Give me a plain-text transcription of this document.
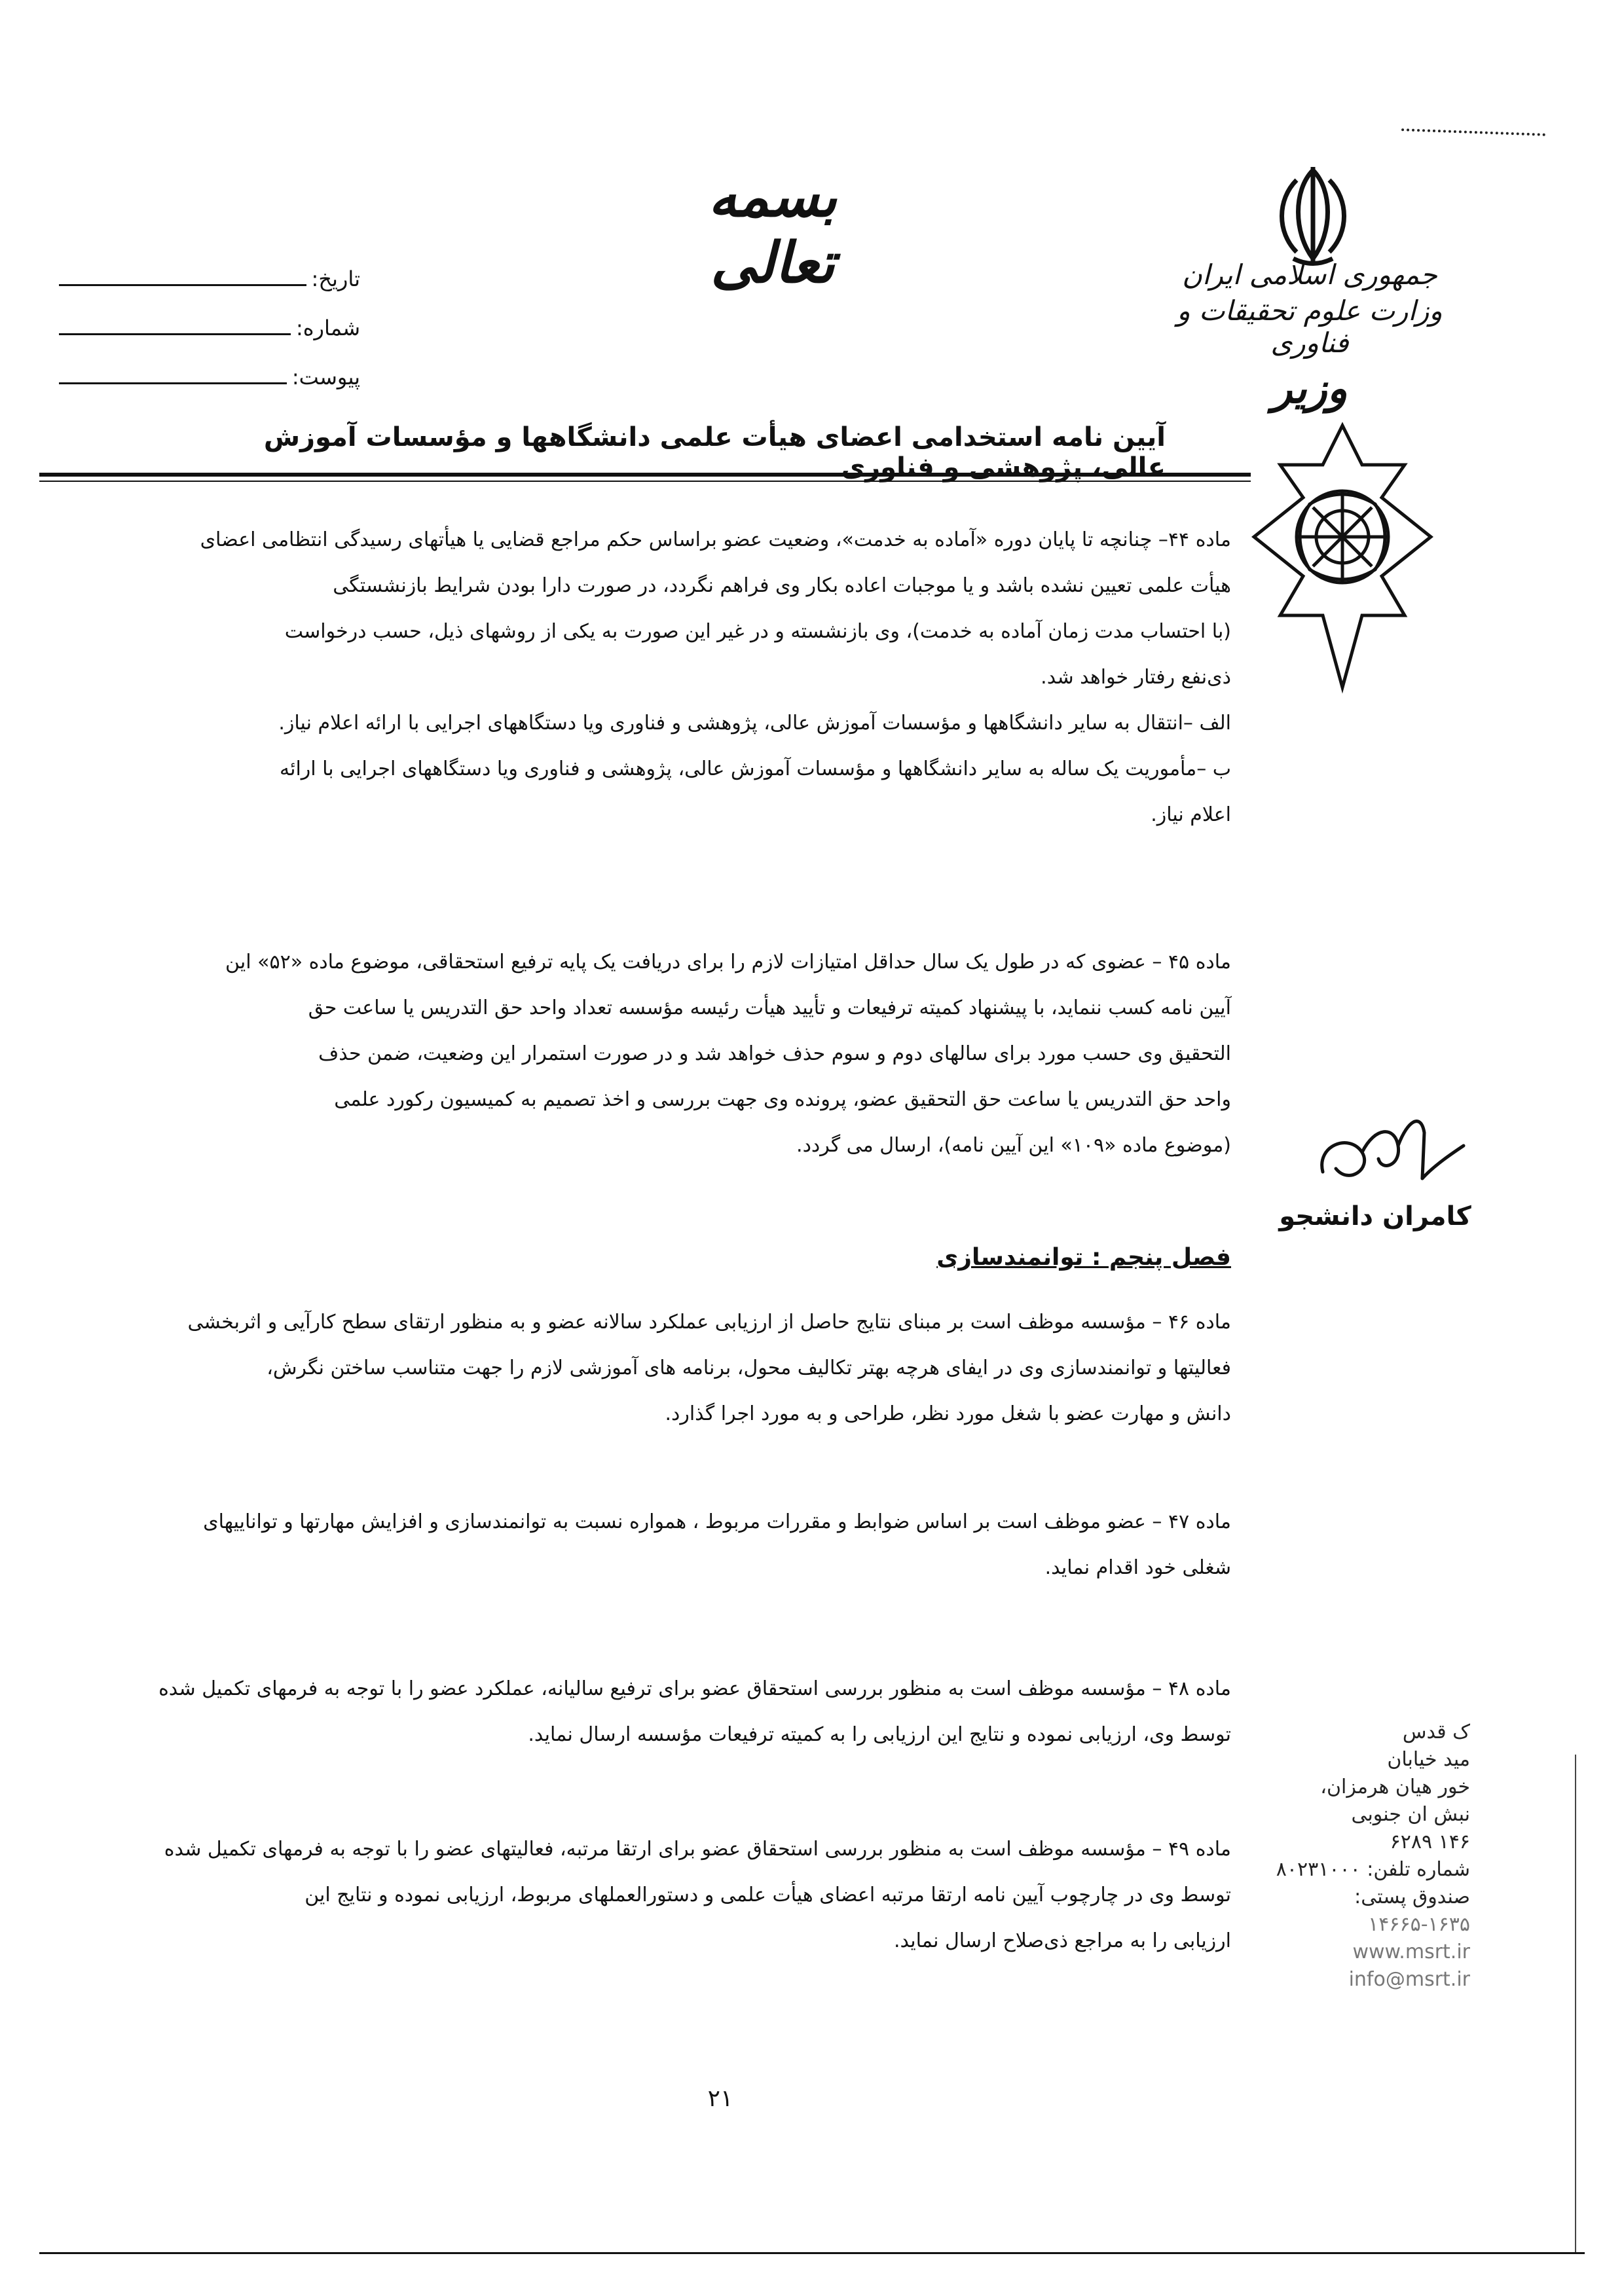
بسمه تعالی
تاریخ:
شماره:
پیوست:
جمهوری اسلامی ایران
وزارت علوم تحقیقات و فناوری
وزیر
آیین نامه استخدامی اعضای هیأت علمی دانشگاهها و مؤسسات آموزش عالی، پژوهشی و فناوری

ماده ۴۴– چنانچه تا پایان دوره «آماده به خدمت»، وضعیت عضو براساس حکم مراجع قضایی یا هیأتهای رسیدگی انتظامی اعضای

هیأت علمی تعیین نشده باشد و یا موجبات اعاده بکار وی فراهم نگردد، در صورت دارا بودن شرایط بازنشستگی

(با احتساب مدت زمان آماده به خدمت)، وی بازنشسته و در غیر این صورت به یکی از روشهای ذیل، حسب درخواست

ذی‌نفع رفتار خواهد شد.

الف –انتقال به سایر دانشگاهها و مؤسسات آموزش عالی، پژوهشی و فناوری ویا دستگاههای اجرایی با ارائه اعلام نیاز.

ب –مأموریت یک ساله به سایر دانشگاهها و مؤسسات آموزش عالی، پژوهشی و فناوری ویا دستگاههای اجرایی با ارائه

اعلام نیاز.

ماده ۴۵ – عضوی که در طول یک سال حداقل امتیازات لازم را برای دریافت یک پایه ترفیع استحقاقی، موضوع ماده «۵۲» این

آیین نامه کسب ننماید، با پیشنهاد کمیته ترفیعات و تأیید هیأت رئیسه مؤسسه تعداد واحد حق التدریس یا ساعت حق

التحقیق وی حسب مورد برای سالهای دوم و سوم حذف خواهد شد و در صورت استمرار این وضعیت، ضمن حذف

واحد حق التدریس یا ساعت حق التحقیق عضو، پرونده وی جهت بررسی و اخذ تصمیم به کمیسیون رکورد علمی

(موضوع ماده «۱۰۹» این آیین نامه)، ارسال می گردد.

کامران دانشجو
فصل پنجم : توانمندسازی

ماده ۴۶ – مؤسسه موظف است بر مبنای نتایج حاصل از ارزیابی عملکرد سالانه عضو و به منظور ارتقای سطح کارآیی و اثربخشی

فعالیتها و توانمندسازی وی در ایفای هرچه بهتر تکالیف محول، برنامه های آموزشی لازم را جهت متناسب ساختن نگرش،

دانش و مهارت عضو با شغل مورد نظر، طراحی و به مورد اجرا گذارد.

ماده ۴۷ – عضو موظف است بر اساس ضوابط و مقررات مربوط ، همواره نسبت به توانمندسازی و افزایش مهارتها و تواناییهای

شغلی خود اقدام نماید.

ماده ۴۸ – مؤسسه موظف است به منظور بررسی استحقاق عضو برای ترفیع سالیانه، عملکرد عضو را با توجه به فرمهای تکمیل شده

توسط وی، ارزیابی نموده و نتایج این ارزیابی را به کمیته ترفیعات مؤسسه ارسال نماید.

ماده ۴۹ – مؤسسه موظف است به منظور بررسی استحقاق عضو برای ارتقا مرتبه، فعالیتهای عضو را با توجه به فرمهای تکمیل شده

توسط وی در چارچوب آیین نامه ارتقا مرتبه اعضای هیأت علمی و دستورالعملهای مربوط، ارزیابی نموده و نتایج این

ارزیابی را به مراجع ذی‌صلاح ارسال نماید.

ک قدس
مید خیابان
خور هیان هرمزان،
نبش ان جنوبی
۱۴۶ ۶۲۸۹
شماره تلفن: ۸۰۲۳۱۰۰۰
صندوق پستی:
۱۴۶۶۵-۱۶۳۵
www.msrt.ir
info@msrt.ir
۲۱
